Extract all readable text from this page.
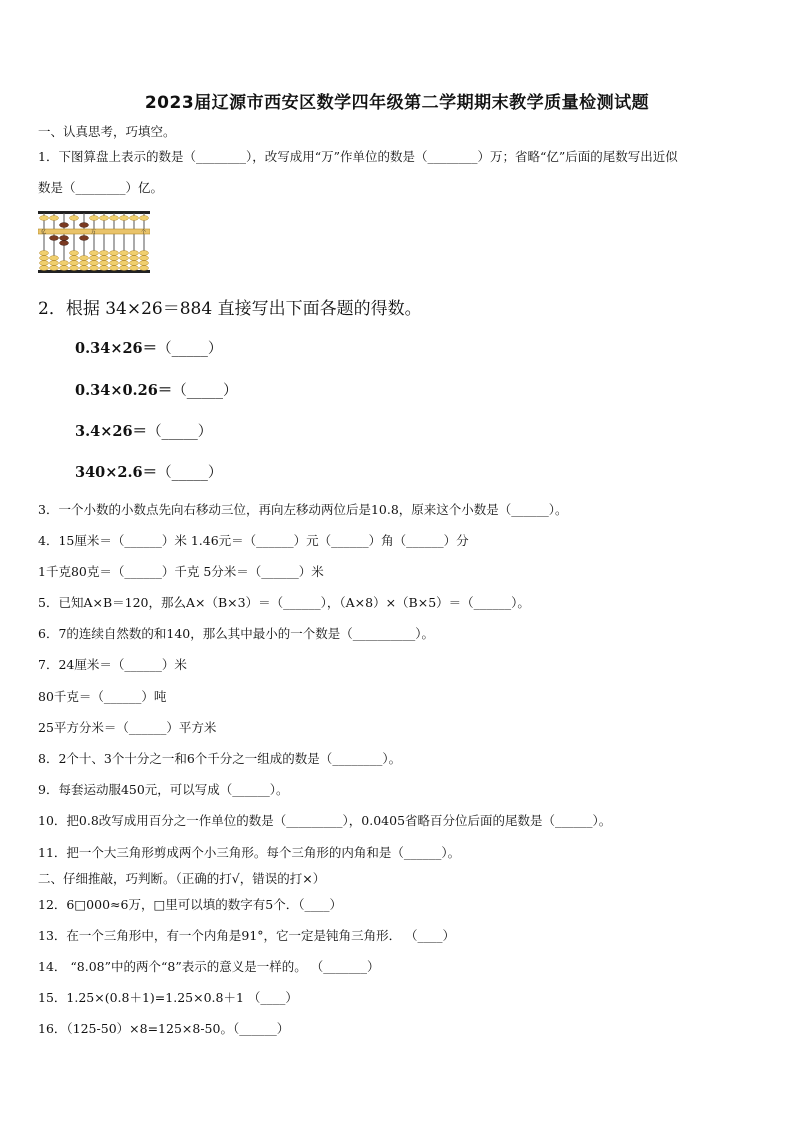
2023届辽源市西安区数学四年级第二学期期末教学质量检测试题
一、认真思考，巧填空。
1．下图算盘上表示的数是（________），改写成用“万”作单位的数是（________）万；省略“亿”后面的尾数写出近似
数是（________）亿。
亿	万	个
2．根据 34×26＝884 直接写出下面各题的得数。
0.34×26＝（_____）
0.34×0.26＝（_____）
3.4×26＝（_____）
340×2.6＝（_____）
3．一个小数的小数点先向右移动三位，再向左移动两位后是10.8，原来这个小数是（______）。
4．15厘米＝（______）米 1.46元＝（______）元（______）角（______）分
1千克80克＝（______）千克 5分米＝（______）米
5．已知A×B＝120，那么A×（B×3）＝（______），（A×8）×（B×5）＝（______）。
6．7的连续自然数的和140，那么其中最小的一个数是（__________）。
7．24厘米＝（______）米
80千克＝（______）吨
25平方分米＝（______）平方米
8．2个十、3个十分之一和6个千分之一组成的数是（________）。
9．每套运动服450元，可以写成（______）。
10．把0.8改写成用百分之一作单位的数是（_________），0.0405省略百分位后面的尾数是（______）。
11．把一个大三角形剪成两个小三角形。每个三角形的内角和是（______）。
二、仔细推敲，巧判断。（正确的打√，错误的打×）
12．6□000≈6万，□里可以填的数字有5个．（____）
13．在一个三角形中，有一个内角是91°，它一定是钝角三角形． （____）
14． “8.08”中的两个“8”表示的意义是一样的。 （_______）
15．1.25×(0.8＋1)=1.25×0.8＋1 （____）
16．（125-50）×8=125×8-50。（______）
